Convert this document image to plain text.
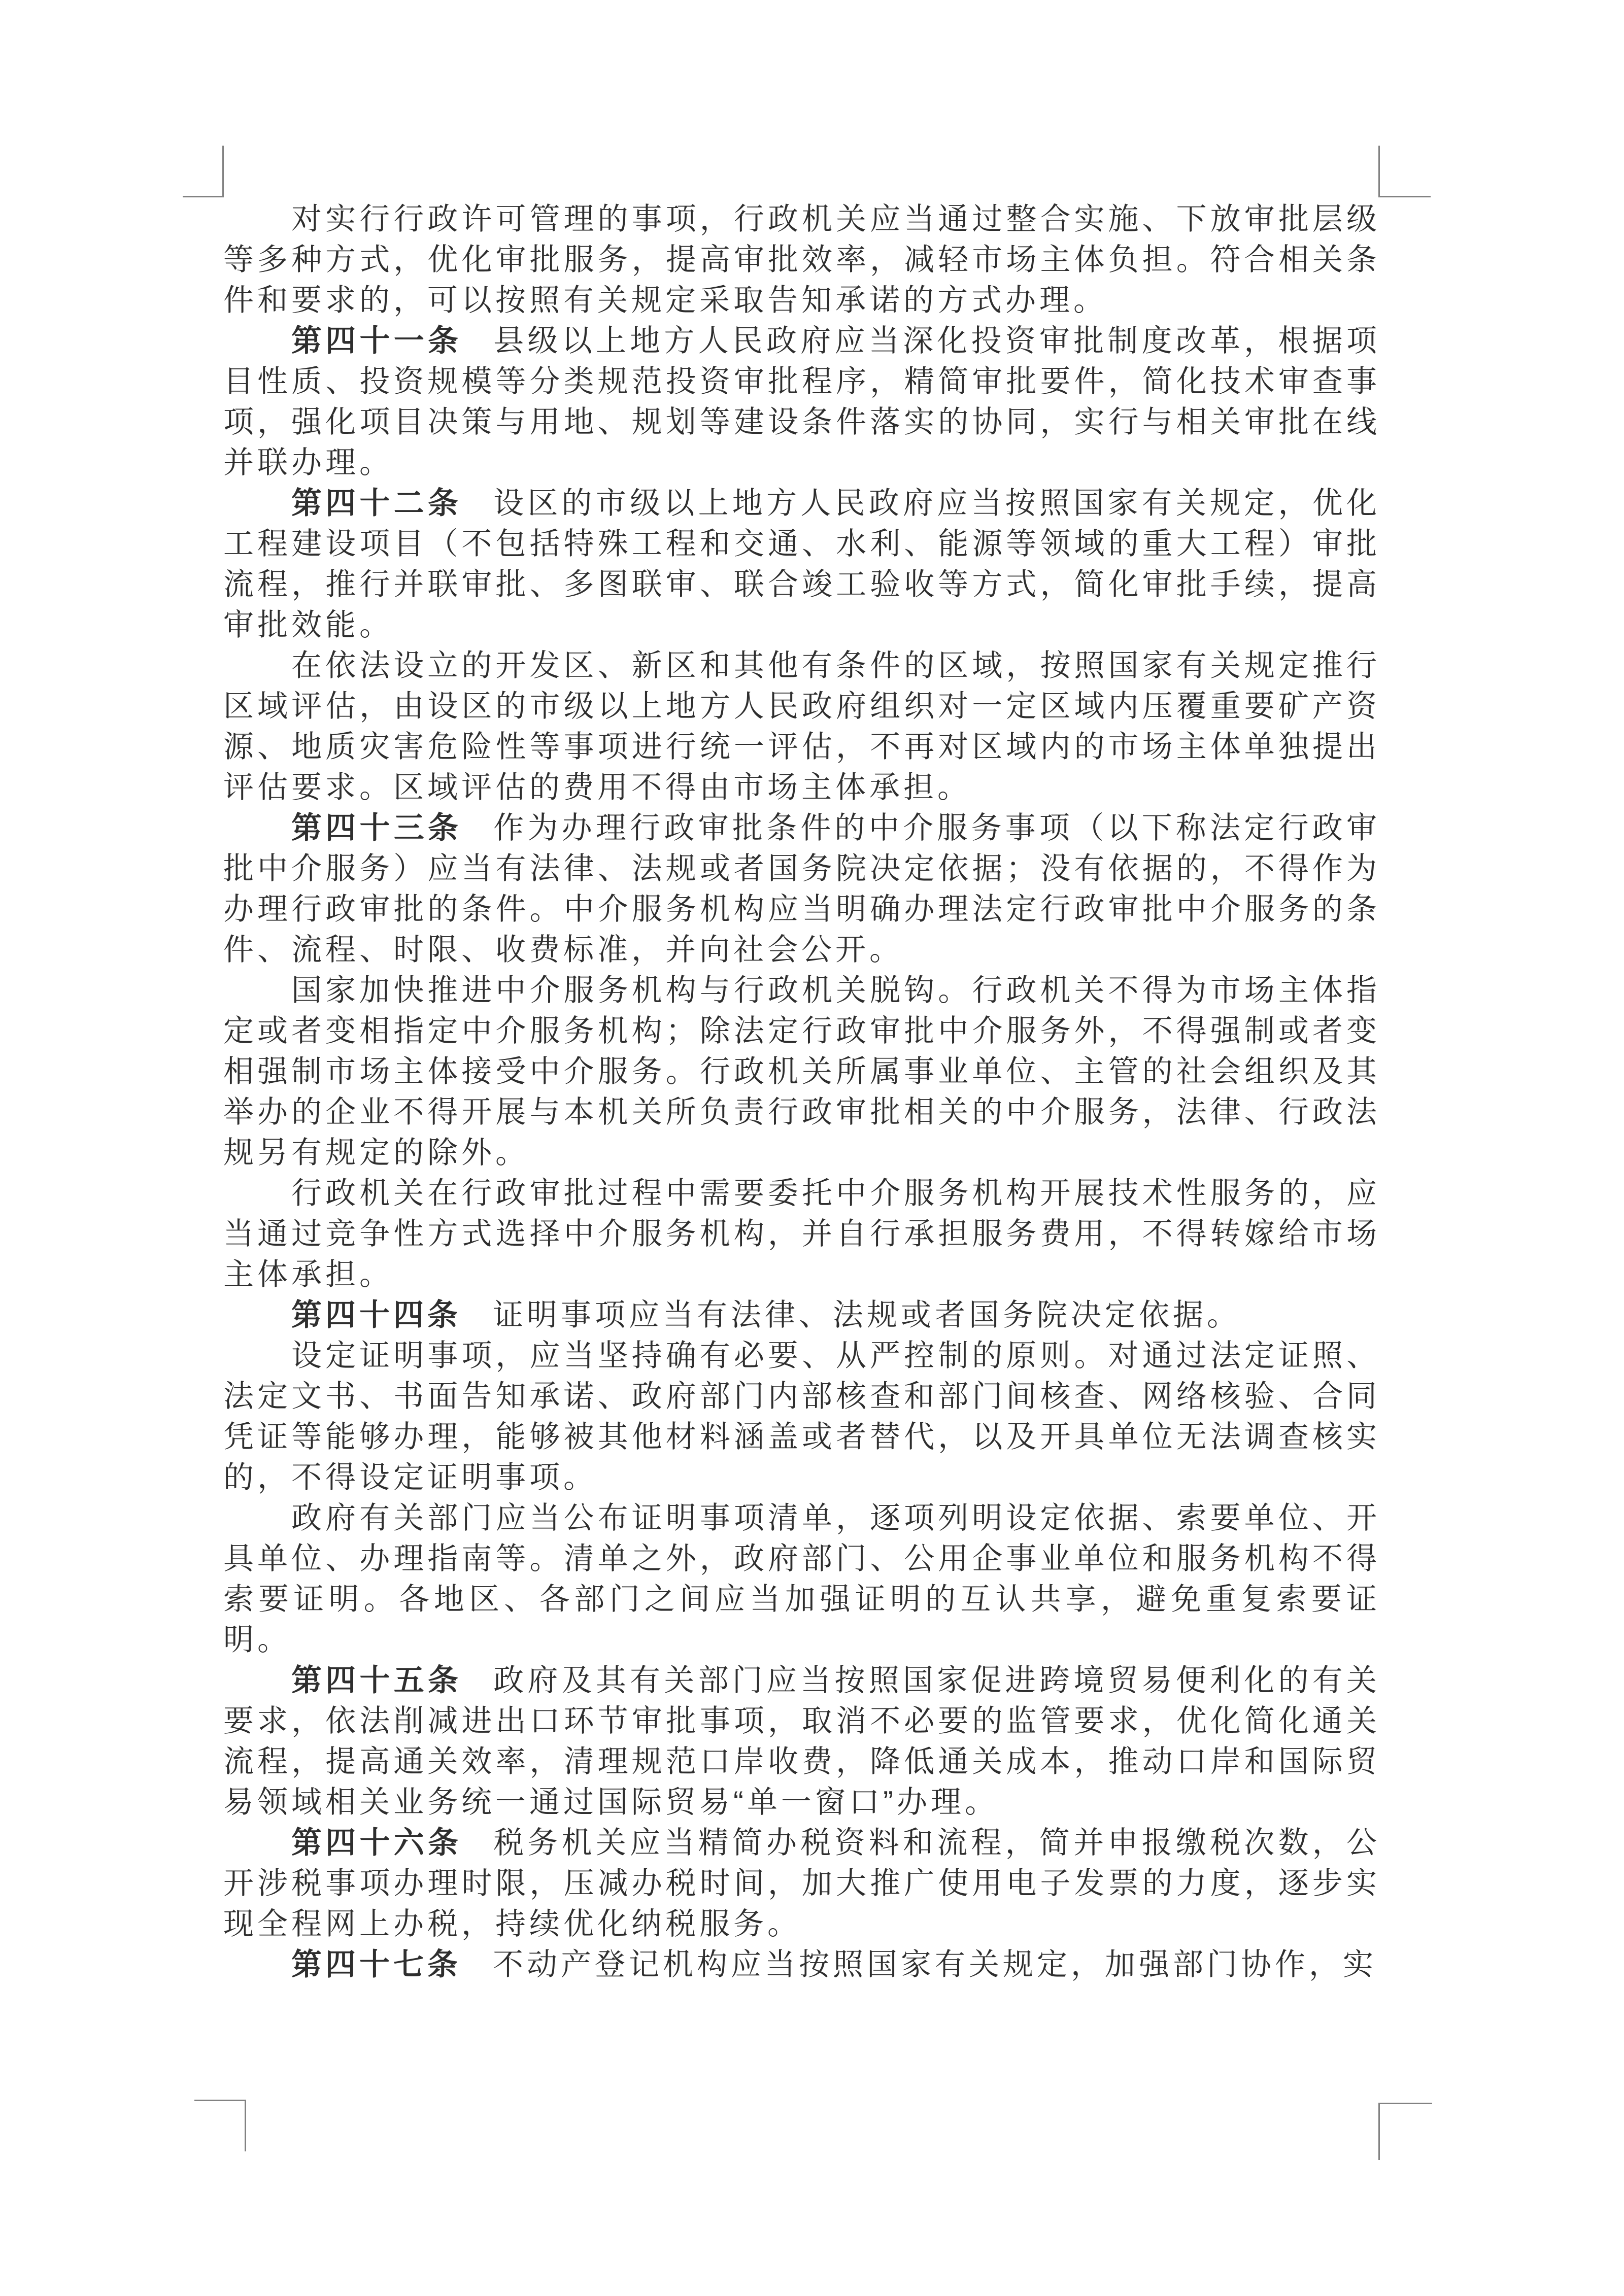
对实行行政许可管理的事项，行政机关应当通过整合实施、下放审批层级等多种方式，优化审批服务，提高审批效率，减轻市场主体负担。符合相关条件和要求的，可以按照有关规定采取告知承诺的方式办理。

第四十一条 县级以上地方人民政府应当深化投资审批制度改革，根据项目性质、投资规模等分类规范投资审批程序，精简审批要件，简化技术审查事项，强化项目决策与用地、规划等建设条件落实的协同，实行与相关审批在线并联办理。

第四十二条 设区的市级以上地方人民政府应当按照国家有关规定，优化工程建设项目（不包括特殊工程和交通、水利、能源等领域的重大工程）审批流程，推行并联审批、多图联审、联合竣工验收等方式，简化审批手续，提高审批效能。

在依法设立的开发区、新区和其他有条件的区域，按照国家有关规定推行区域评估，由设区的市级以上地方人民政府组织对一定区域内压覆重要矿产资源、地质灾害危险性等事项进行统一评估，不再对区域内的市场主体单独提出评估要求。区域评估的费用不得由市场主体承担。

第四十三条 作为办理行政审批条件的中介服务事项（以下称法定行政审批中介服务）应当有法律、法规或者国务院决定依据；没有依据的，不得作为办理行政审批的条件。中介服务机构应当明确办理法定行政审批中介服务的条件、流程、时限、收费标准，并向社会公开。

国家加快推进中介服务机构与行政机关脱钩。行政机关不得为市场主体指定或者变相指定中介服务机构；除法定行政审批中介服务外，不得强制或者变相强制市场主体接受中介服务。行政机关所属事业单位、主管的社会组织及其举办的企业不得开展与本机关所负责行政审批相关的中介服务，法律、行政法规另有规定的除外。

行政机关在行政审批过程中需要委托中介服务机构开展技术性服务的，应当通过竞争性方式选择中介服务机构，并自行承担服务费用，不得转嫁给市场主体承担。

第四十四条 证明事项应当有法律、法规或者国务院决定依据。

设定证明事项，应当坚持确有必要、从严控制的原则。对通过法定证照、法定文书、书面告知承诺、政府部门内部核查和部门间核查、网络核验、合同凭证等能够办理，能够被其他材料涵盖或者替代，以及开具单位无法调查核实的，不得设定证明事项。

政府有关部门应当公布证明事项清单，逐项列明设定依据、索要单位、开具单位、办理指南等。清单之外，政府部门、公用企事业单位和服务机构不得索要证明。各地区、各部门之间应当加强证明的互认共享，避免重复索要证明。

第四十五条 政府及其有关部门应当按照国家促进跨境贸易便利化的有关要求，依法削减进出口环节审批事项，取消不必要的监管要求，优化简化通关流程，提高通关效率，清理规范口岸收费，降低通关成本，推动口岸和国际贸易领域相关业务统一通过国际贸易“单一窗口”办理。

第四十六条 税务机关应当精简办税资料和流程，简并申报缴税次数，公开涉税事项办理时限，压减办税时间，加大推广使用电子发票的力度，逐步实现全程网上办税，持续优化纳税服务。

第四十七条 不动产登记机构应当按照国家有关规定，加强部门协作，实
